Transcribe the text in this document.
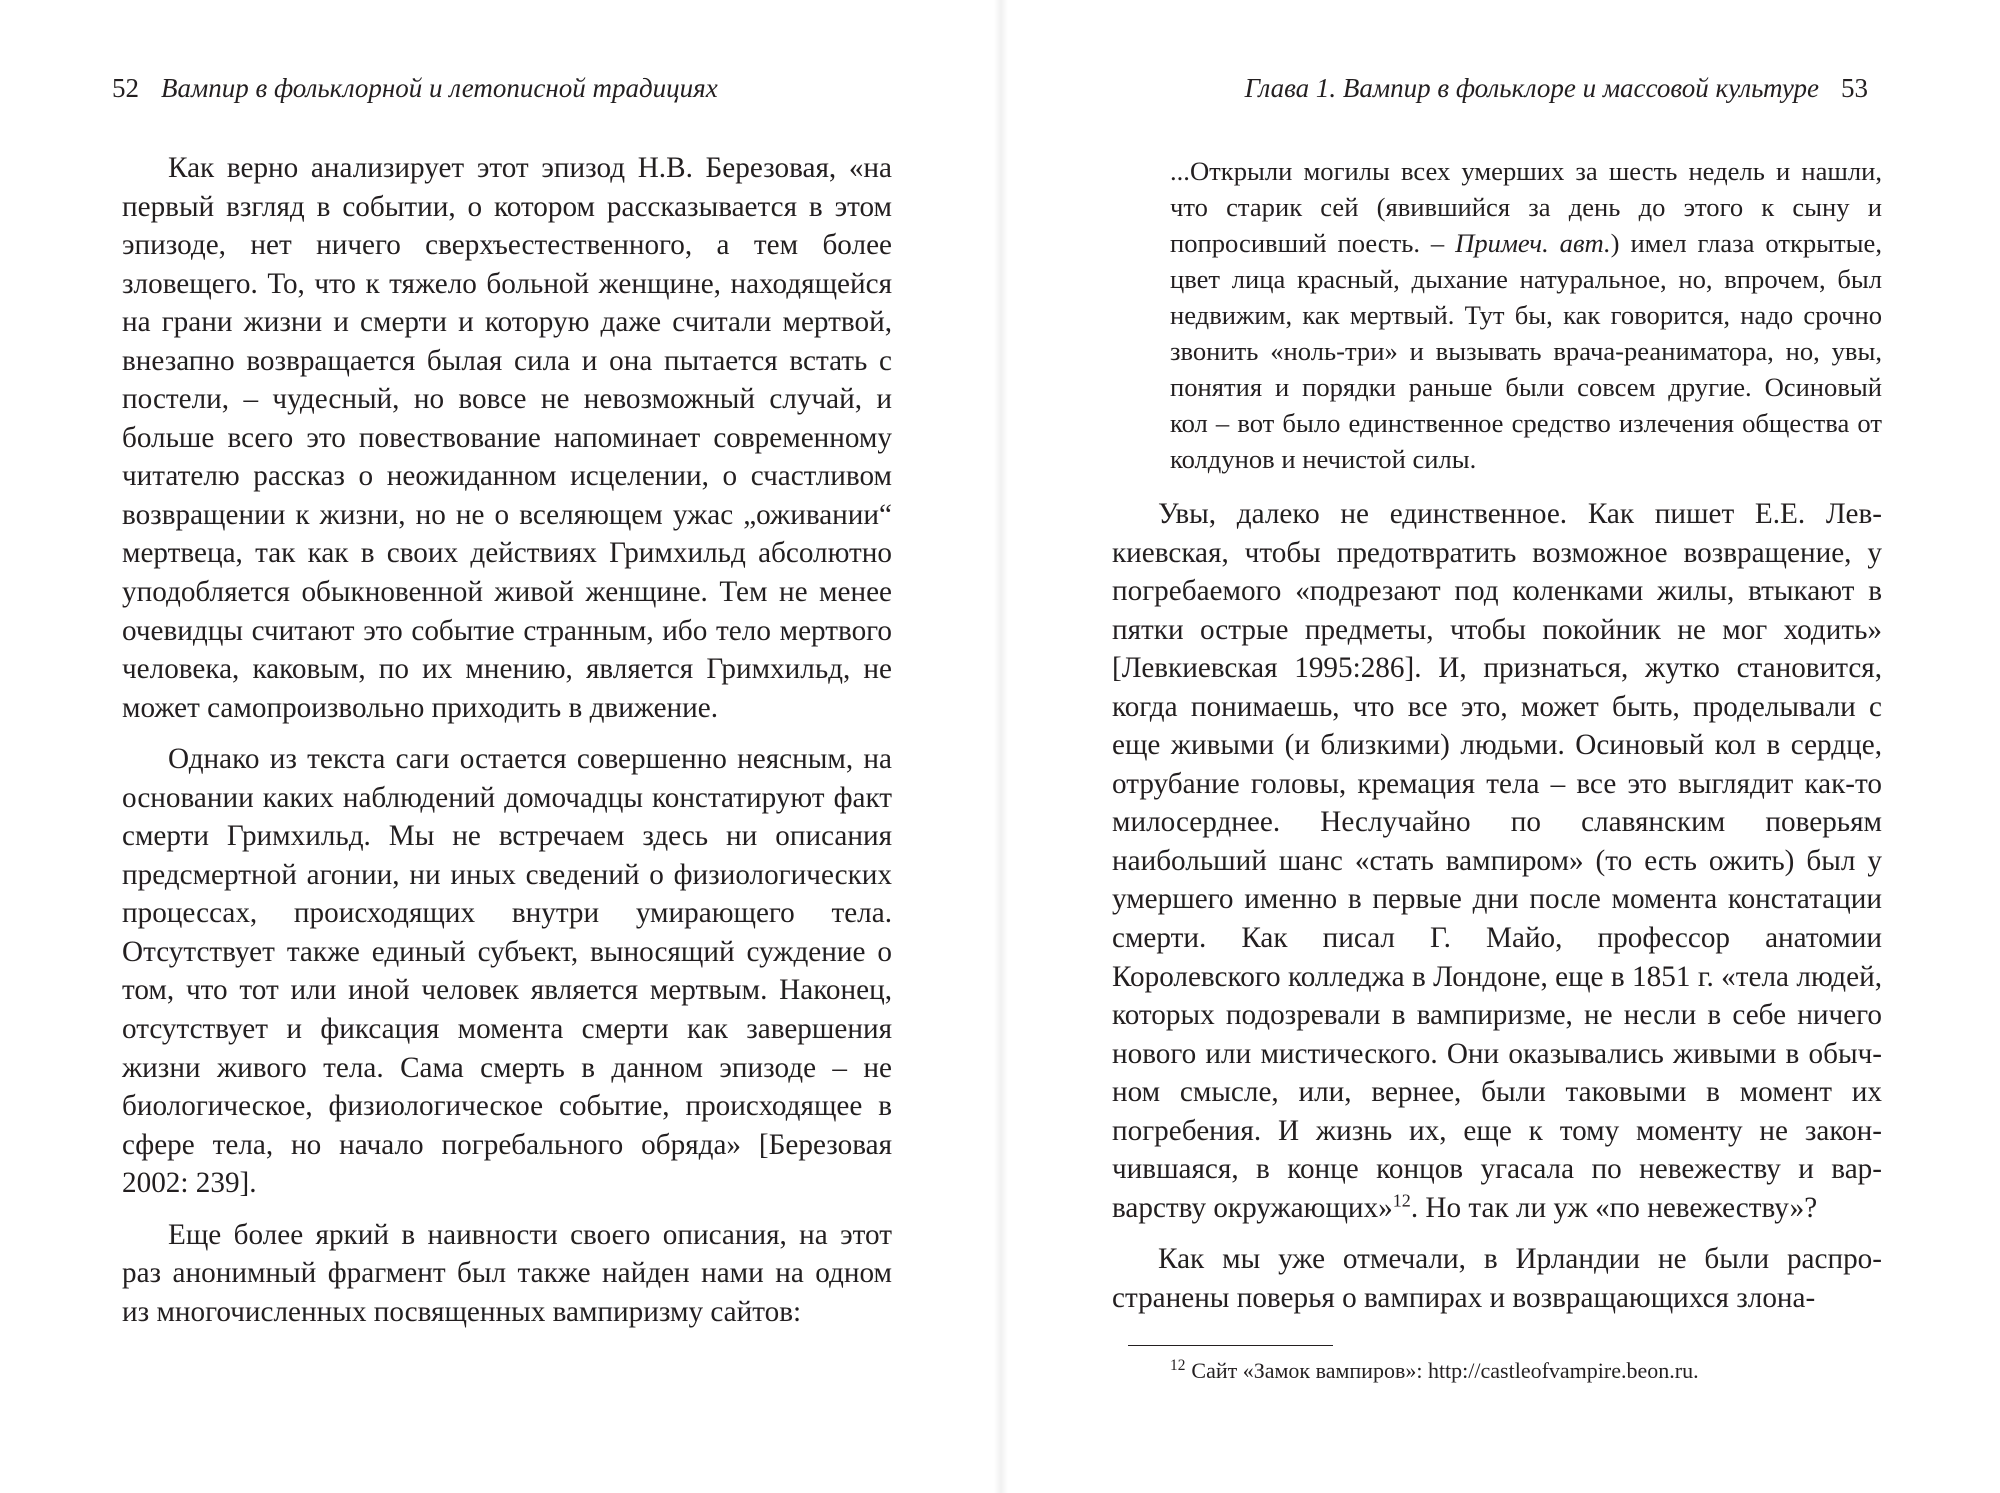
52 Вампир в фольклорной и летописной традициях

Как верно анализирует этот эпизод Н.В. Березовая, «на первый взгляд в событии, о котором рассказывается в этом эпизоде, нет ничего сверхъестественного, а тем более зловещего. То, что к тяжело больной женщине, находящейся на грани жизни и смерти и которую даже считали мертвой, внезапно возвращается былая сила и она пытается встать с постели, – чудесный, но вовсе не невозможный случай, и больше всего это повествование напоминает современному читателю рассказ о неожиданном исцелении, о счастливом возвращении к жизни, но не о вселяющем ужас „оживании“ мертвеца, так как в своих действиях Гримхильд абсолютно уподобляется обыкновенной живой женщине. Тем не менее очевидцы считают это событие странным, ибо тело мертвого человека, каковым, по их мнению, является Гримхильд, не может самопроизвольно приходить в движение.

Однако из текста саги остается совершенно неясным, на основании каких наблюдений домочадцы констатируют факт смерти Гримхильд. Мы не встречаем здесь ни описания предсмертной агонии, ни иных сведений о физиологических процессах, происходящих внутри умирающего тела. Отсутствует также единый субъект, выносящий суждение о том, что тот или иной человек является мертвым. Наконец, отсутствует и фиксация момента смерти как завершения жизни живого тела. Сама смерть в данном эпизоде – не биологическое, физиологическое событие, происходящее в сфере тела, но начало погребального обряда» [Березовая 2002: 239].

Еще более яркий в наивности своего описания, на этот раз анонимный фрагмент был также найден нами на одном из многочисленных посвященных вампиризму сайтов:

Глава 1. Вампир в фольклоре и массовой культуре 53

...Открыли могилы всех умерших за шесть недель и нашли, что старик сей (явившийся за день до этого к сыну и попросивший поесть. – Примеч. авт.) имел глаза открытые, цвет лица красный, дыхание натуральное, но, впрочем, был недвижим, как мертвый. Тут бы, как говорится, надо срочно звонить «ноль-три» и вызывать врача-реаниматора, но, увы, понятия и порядки раньше были совсем другие. Осиновый кол – вот было единственное средство излечения общества от колдунов и нечистой силы.

Увы, далеко не единственное. Как пишет Е.Е. Левкиевская, чтобы предотвратить возможное возвращение, у погребаемого «подрезают под коленками жилы, втыкают в пятки острые предметы, чтобы покойник не мог ходить» [Левкиевская 1995:286]. И, признаться, жутко становится, когда понимаешь, что все это, может быть, проделывали с еще живыми (и близкими) людьми. Осиновый кол в сердце, отрубание головы, кремация тела – все это выглядит как-то милосерднее. Неслучайно по славянским поверьям наибольший шанс «стать вампиром» (то есть ожить) был у умершего именно в первые дни после момента констатации смерти. Как писал Г. Майо, профессор анатомии Королевского колледжа в Лондоне, еще в 1851 г. «тела людей, которых подозревали в вампиризме, не несли в себе ничего нового или мистического. Они оказывались живыми в обычном смысле, или, вернее, были таковыми в момент их погребения. И жизнь их, еще к тому моменту не закончившаяся, в конце концов угасала по невежеству и варварству окружающих»$^{12}$. Но так ли уж «по невежеству»?

Как мы уже отмечали, в Ирландии не были распространены поверья о вампирах и возвращающихся злона-

$^{12}$ Сайт «Замок вампиров»: http://castleofvampire.beon.ru.
